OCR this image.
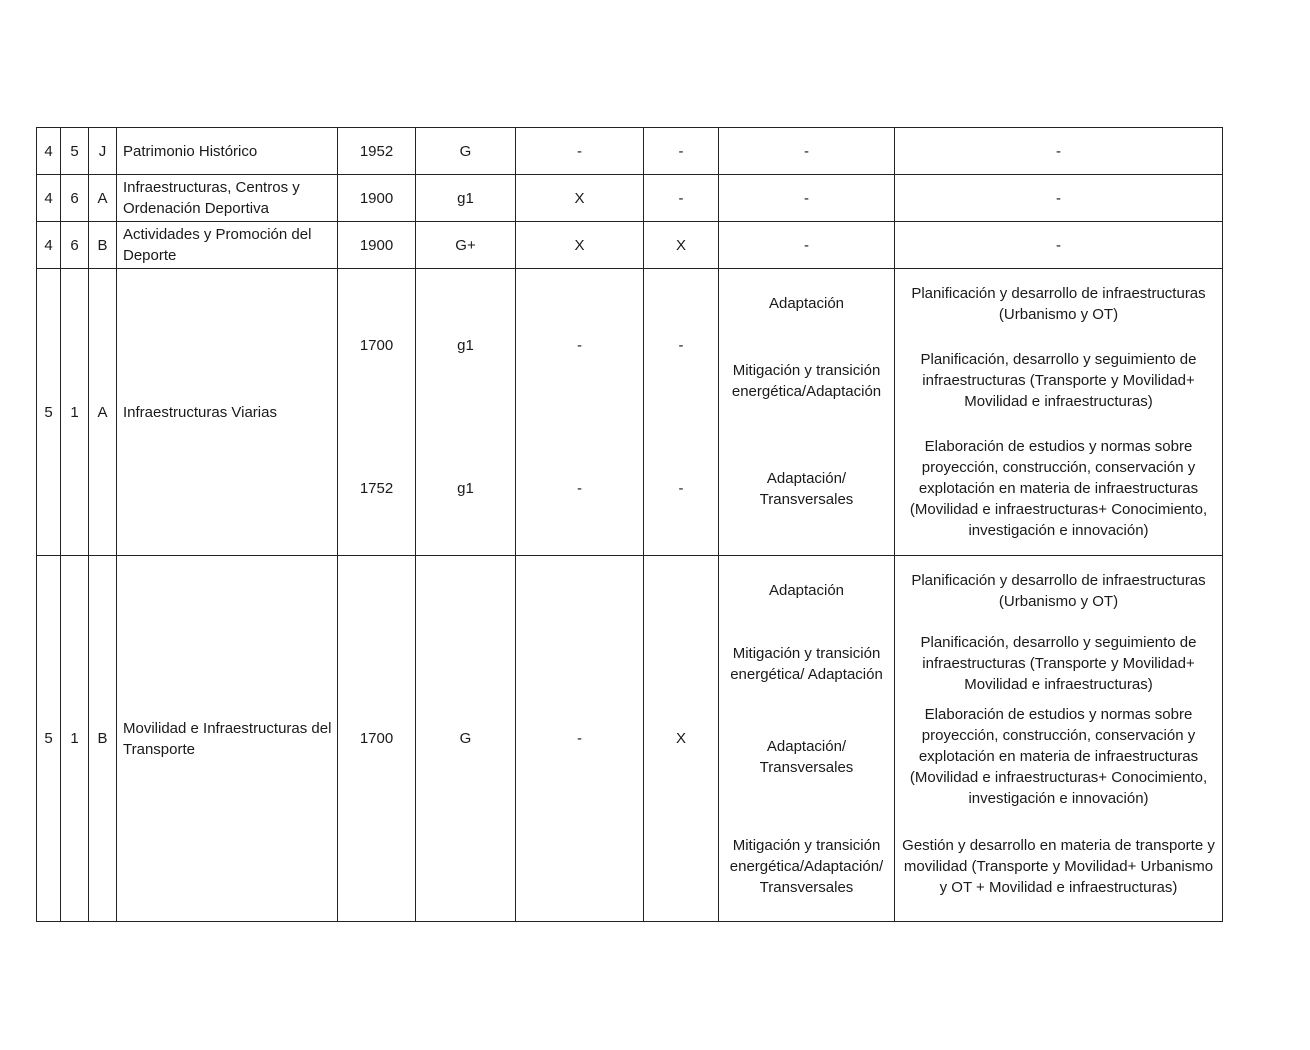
4	5	J	Patrimonio Histórico	1952	G	-	-	-	-
4	6	A	Infraestructuras, Centros y Ordenación Deportiva	1900	g1	X	-	-	-
4	6	B	Actividades y Promoción del Deporte	1900	G+	X	X	-	-
5	1	A	Infraestructuras Viarias	1700	g1	-	-	Adaptación	Planificación y desarrollo de infraestructuras (Urbanismo y OT)
								Mitigación y transición energética/Adaptación	Planificación, desarrollo y seguimiento de infraestructuras (Transporte y Movilidad+ Movilidad e infraestructuras)
				1752	g1	-	-	Adaptación/ Transversales	Elaboración de estudios y normas sobre proyección, construcción, conservación y explotación en materia de infraestructuras (Movilidad e infraestructuras+ Conocimiento, investigación e innovación)
5	1	B	Movilidad e Infraestructuras del Transporte	1700	G	-	X	Adaptación	Planificación y desarrollo de infraestructuras (Urbanismo y OT)
								Mitigación y transición energética/ Adaptación	Planificación, desarrollo y seguimiento de infraestructuras (Transporte y Movilidad+ Movilidad e infraestructuras)
								Adaptación/ Transversales	Elaboración de estudios y normas sobre proyección, construcción, conservación y explotación en materia de infraestructuras (Movilidad e infraestructuras+ Conocimiento, investigación e innovación)
								Mitigación y transición energética/Adaptación/ Transversales	Gestión y desarrollo en materia de transporte y movilidad (Transporte y Movilidad+ Urbanismo y OT + Movilidad e infraestructuras)
